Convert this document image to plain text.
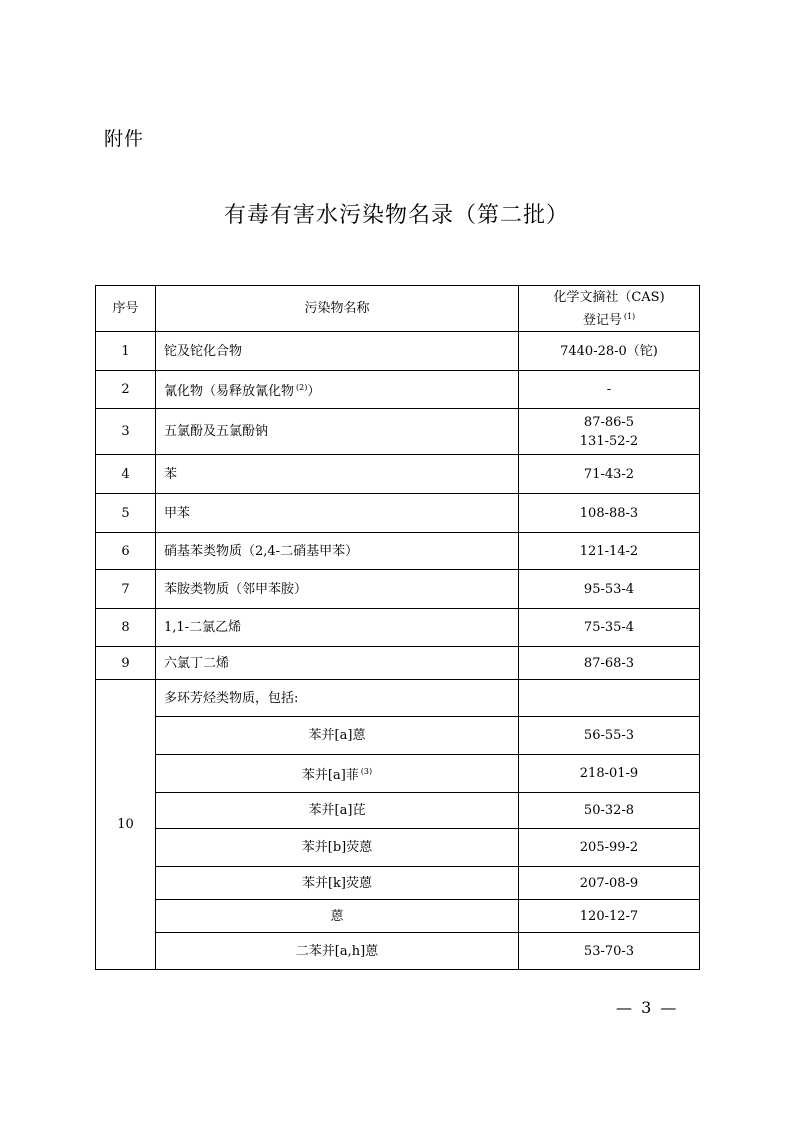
附件
有毒有害水污染物名录（第二批）
序号	污染物名称	化学文摘社（CAS)
登记号 $^{(1)}$

1	铊及铊化合物	7440-28-0（铊)
2	氰化物（易释放氰化物 $^{(2)}$）	-
3	五氯酚及五氯酚钠	87-86-5
131-52-2

4	苯	71-43-2
5	甲苯	108-88-3
6	硝基苯类物质（2,4-二硝基甲苯）	121-14-2
7	苯胺类物质（邻甲苯胺）	95-53-4
8	1,1-二氯乙烯	75-35-4
9	六氯丁二烯	87-68-3
10	多环芳烃类物质，包括:	
	苯并[a]蒽	56-55-3
	苯并[a]菲 $^{(3)}$	218-01-9
	苯并[a]芘	50-32-8
	苯并[b]荧蒽	205-99-2
	苯并[k]荧蒽	207-08-9
	蒽	120-12-7
	二苯并[a,h]蒽	53-70-3
— 3 —
